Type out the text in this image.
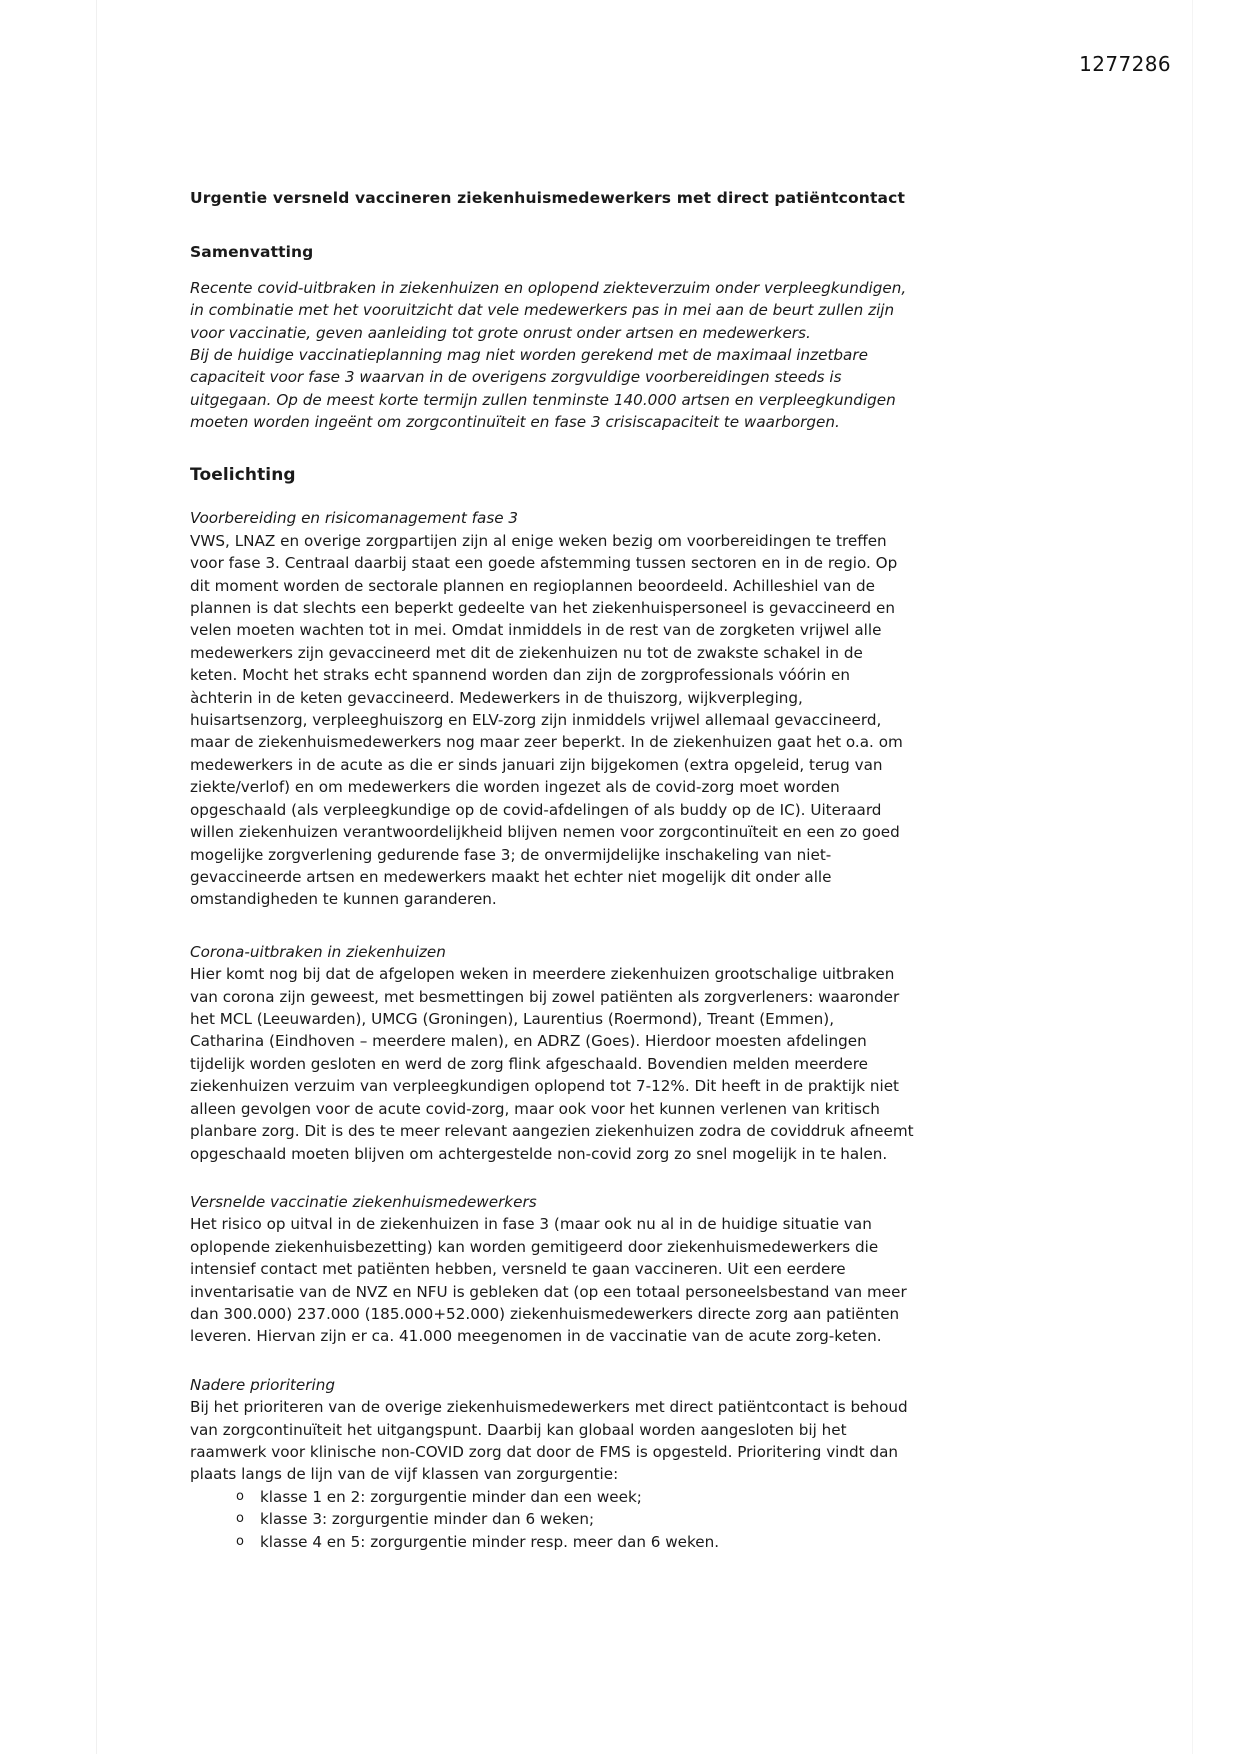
1277286
Urgentie versneld vaccineren ziekenhuismedewerkers met direct patiëntcontact
Samenvatting

Recente covid-uitbraken in ziekenhuizen en oplopend ziekteverzuim onder verpleegkundigen,
in combinatie met het vooruitzicht dat vele medewerkers pas in mei aan de beurt zullen zijn
voor vaccinatie, geven aanleiding tot grote onrust onder artsen en medewerkers.

Bij de huidige vaccinatieplanning mag niet worden gerekend met de maximaal inzetbare
capaciteit voor fase 3 waarvan in de overigens zorgvuldige voorbereidingen steeds is
uitgegaan. Op de meest korte termijn zullen tenminste 140.000 artsen en verpleegkundigen
moeten worden ingeënt om zorgcontinuïteit en fase 3 crisiscapaciteit te waarborgen.

Toelichting
Voorbereiding en risicomanagement fase 3

VWS, LNAZ en overige zorgpartijen zijn al enige weken bezig om voorbereidingen te treffen
voor fase 3. Centraal daarbij staat een goede afstemming tussen sectoren en in de regio. Op
dit moment worden de sectorale plannen en regioplannen beoordeeld. Achilleshiel van de
plannen is dat slechts een beperkt gedeelte van het ziekenhuispersoneel is gevaccineerd en
velen moeten wachten tot in mei. Omdat inmiddels in de rest van de zorgketen vrijwel alle
medewerkers zijn gevaccineerd met dit de ziekenhuizen nu tot de zwakste schakel in de
keten. Mocht het straks echt spannend worden dan zijn de zorgprofessionals vóórin en
àchterin in de keten gevaccineerd. Medewerkers in de thuiszorg, wijkverpleging,
huisartsenzorg, verpleeghuiszorg en ELV-zorg zijn inmiddels vrijwel allemaal gevaccineerd,
maar de ziekenhuismedewerkers nog maar zeer beperkt. In de ziekenhuizen gaat het o.a. om
medewerkers in de acute as die er sinds januari zijn bijgekomen (extra opgeleid, terug van
ziekte/verlof) en om medewerkers die worden ingezet als de covid-zorg moet worden
opgeschaald (als verpleegkundige op de covid-afdelingen of als buddy op de IC). Uiteraard
willen ziekenhuizen verantwoordelijkheid blijven nemen voor zorgcontinuïteit en een zo goed
mogelijke zorgverlening gedurende fase 3; de onvermijdelijke inschakeling van niet-
gevaccineerde artsen en medewerkers maakt het echter niet mogelijk dit onder alle
omstandigheden te kunnen garanderen.

Corona-uitbraken in ziekenhuizen

Hier komt nog bij dat de afgelopen weken in meerdere ziekenhuizen grootschalige uitbraken
van corona zijn geweest, met besmettingen bij zowel patiënten als zorgverleners: waaronder
het MCL (Leeuwarden), UMCG (Groningen), Laurentius (Roermond), Treant (Emmen),
Catharina (Eindhoven – meerdere malen), en ADRZ (Goes). Hierdoor moesten afdelingen
tijdelijk worden gesloten en werd de zorg flink afgeschaald. Bovendien melden meerdere
ziekenhuizen verzuim van verpleegkundigen oplopend tot 7-12%. Dit heeft in de praktijk niet
alleen gevolgen voor de acute covid-zorg, maar ook voor het kunnen verlenen van kritisch
planbare zorg. Dit is des te meer relevant aangezien ziekenhuizen zodra de coviddruk afneemt
opgeschaald moeten blijven om achtergestelde non-covid zorg zo snel mogelijk in te halen.

Versnelde vaccinatie ziekenhuismedewerkers

Het risico op uitval in de ziekenhuizen in fase 3 (maar ook nu al in de huidige situatie van
oplopende ziekenhuisbezetting) kan worden gemitigeerd door ziekenhuismedewerkers die
intensief contact met patiënten hebben, versneld te gaan vaccineren. Uit een eerdere
inventarisatie van de NVZ en NFU is gebleken dat (op een totaal personeelsbestand van meer
dan 300.000) 237.000 (185.000+52.000) ziekenhuismedewerkers directe zorg aan patiënten
leveren. Hiervan zijn er ca. 41.000 meegenomen in de vaccinatie van de acute zorg-keten.

Nadere prioritering

Bij het prioriteren van de overige ziekenhuismedewerkers met direct patiëntcontact is behoud
van zorgcontinuïteit het uitgangspunt. Daarbij kan globaal worden aangesloten bij het
raamwerk voor klinische non-COVID zorg dat door de FMS is opgesteld. Prioritering vindt dan
plaats langs de lijn van de vijf klassen van zorgurgentie:

o klasse 1 en 2: zorgurgentie minder dan een week;
o klasse 3: zorgurgentie minder dan 6 weken;
o klasse 4 en 5: zorgurgentie minder resp. meer dan 6 weken.
